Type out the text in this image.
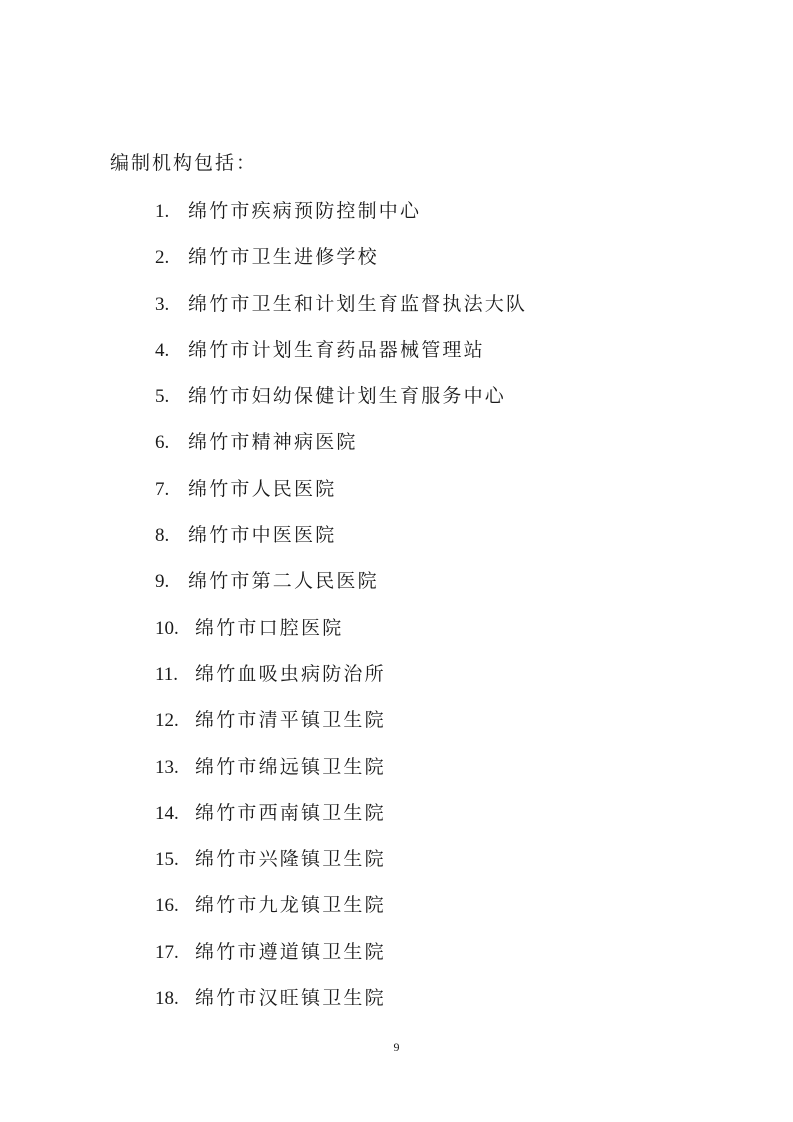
编制机构包括：
1. 绵竹市疾病预防控制中心
2. 绵竹市卫生进修学校
3. 绵竹市卫生和计划生育监督执法大队
4. 绵竹市计划生育药品器械管理站
5. 绵竹市妇幼保健计划生育服务中心
6. 绵竹市精神病医院
7. 绵竹市人民医院
8. 绵竹市中医医院
9. 绵竹市第二人民医院
10. 绵竹市口腔医院
11. 绵竹血吸虫病防治所
12. 绵竹市清平镇卫生院
13. 绵竹市绵远镇卫生院
14. 绵竹市西南镇卫生院
15. 绵竹市兴隆镇卫生院
16. 绵竹市九龙镇卫生院
17. 绵竹市遵道镇卫生院
18. 绵竹市汉旺镇卫生院
9
